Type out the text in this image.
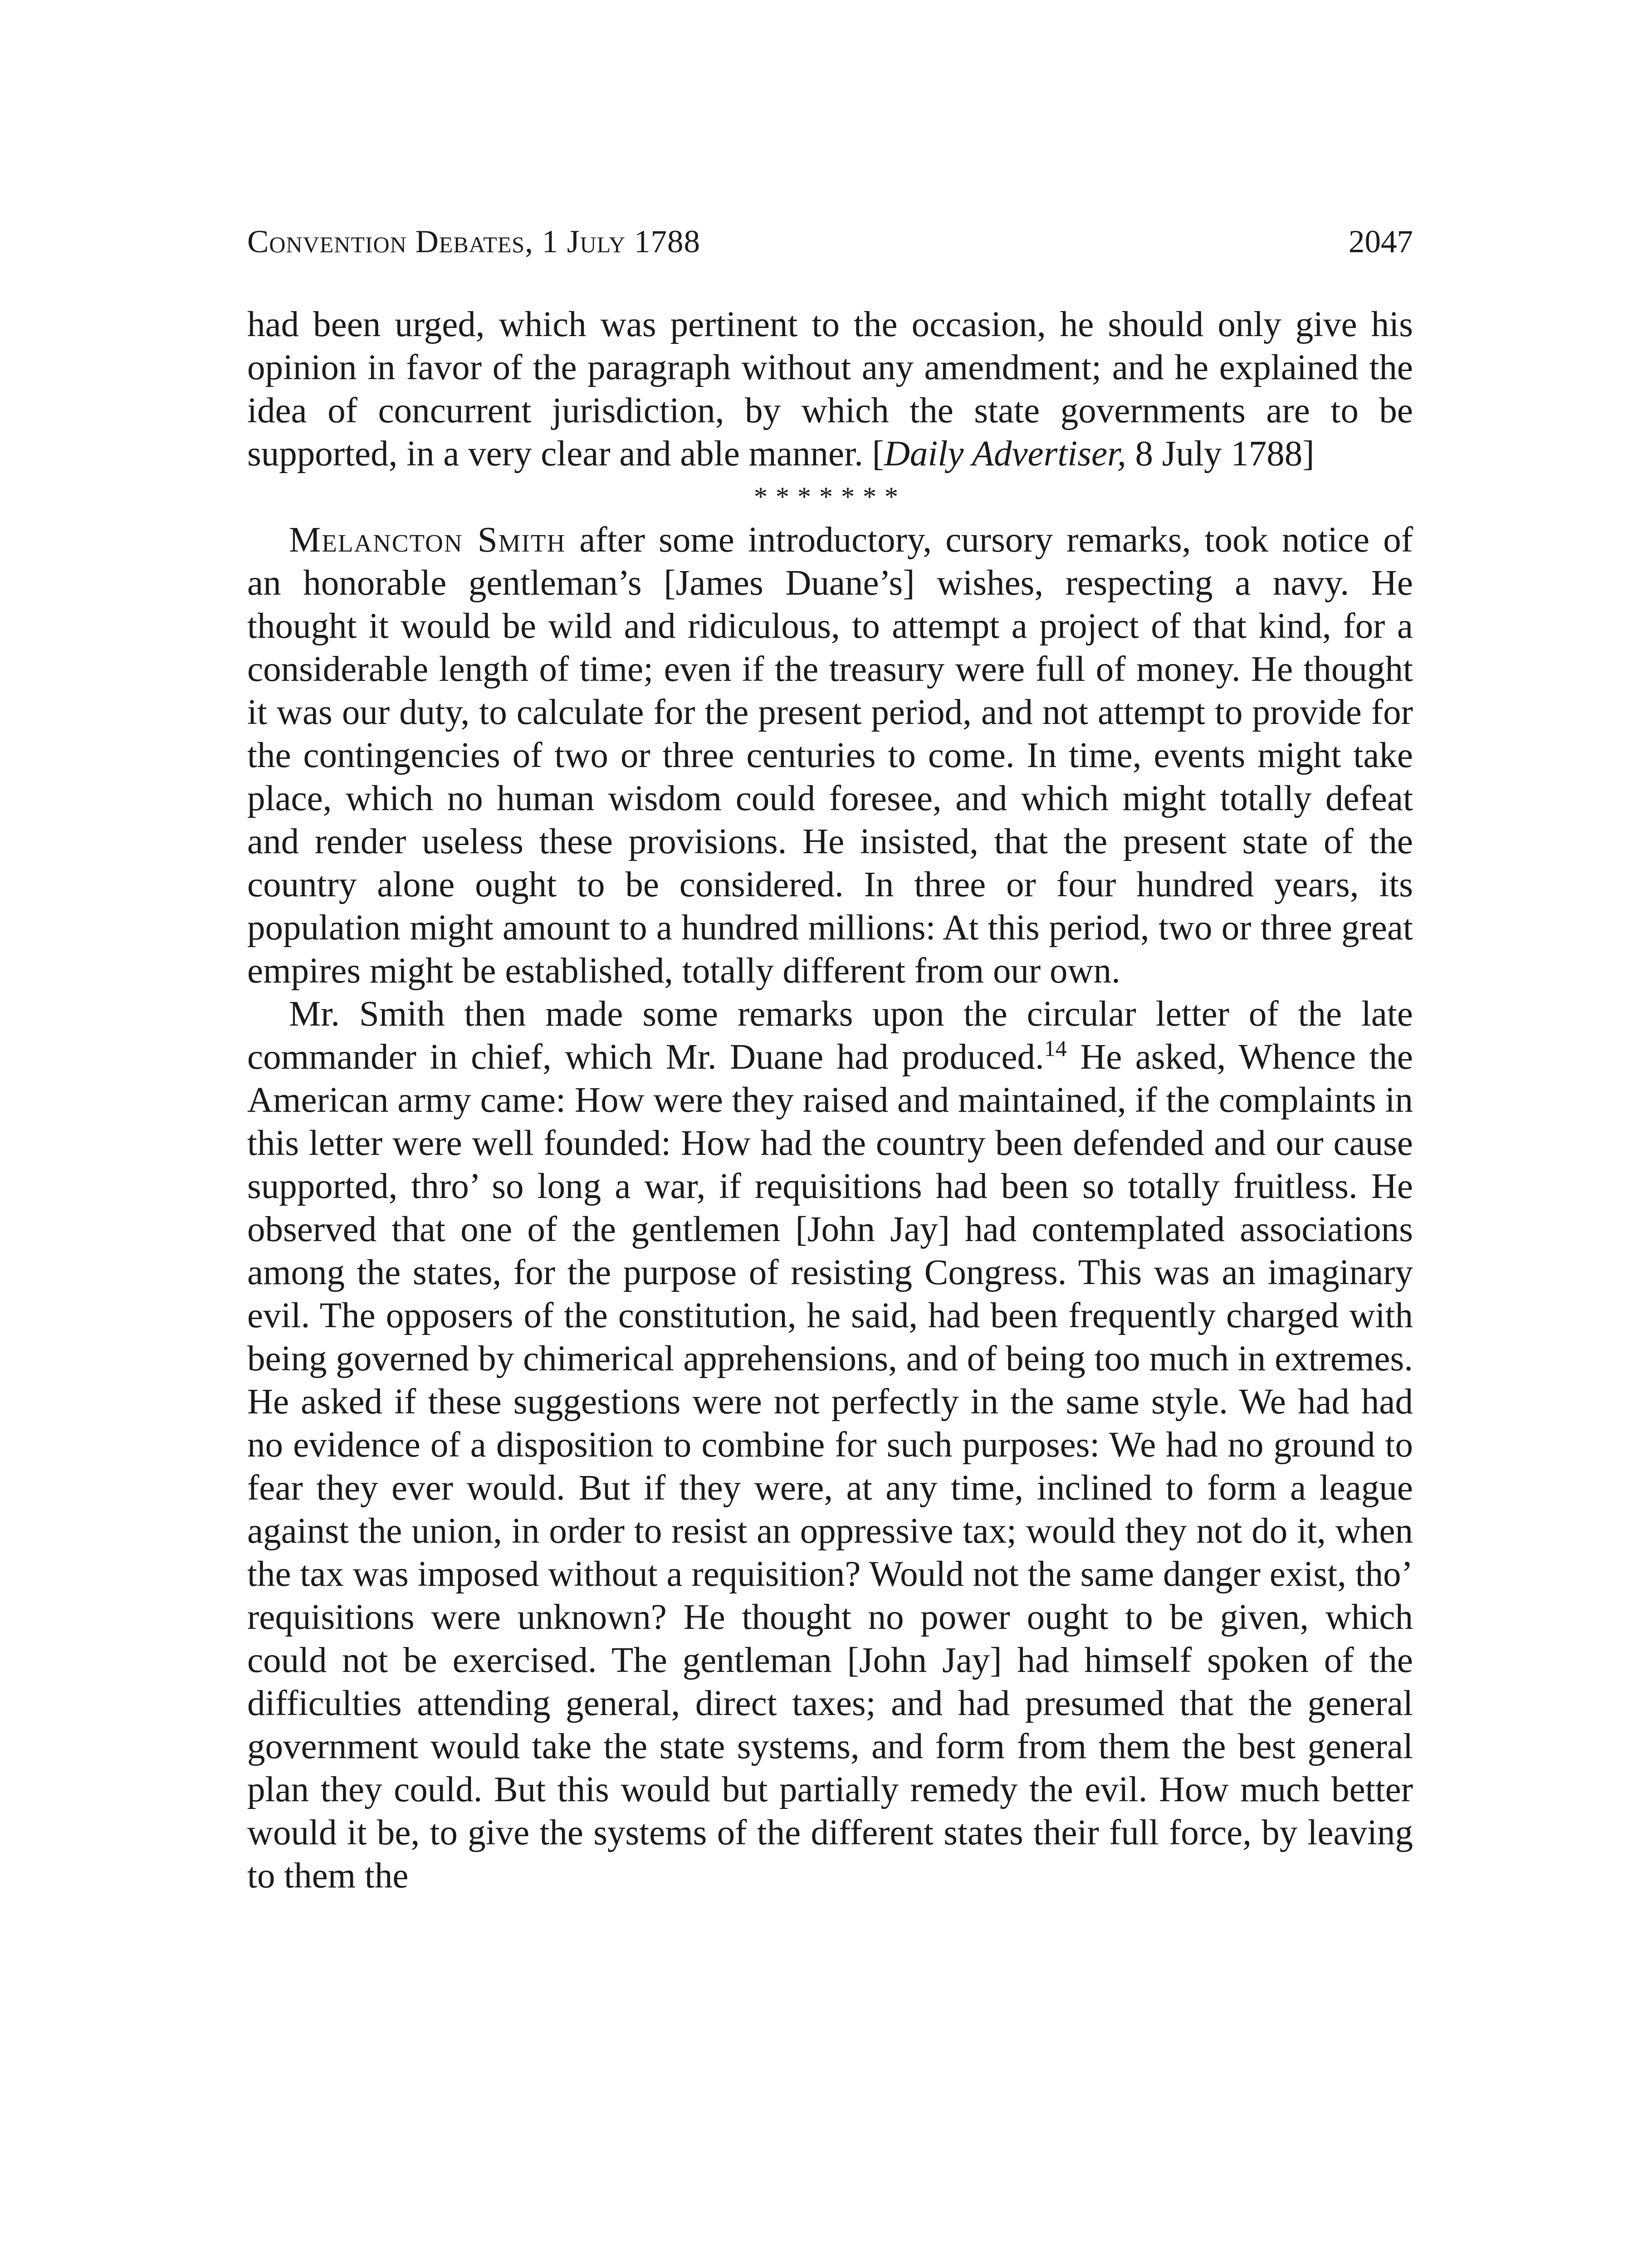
Convention Debates, 1 July 1788	2047

had been urged, which was pertinent to the occasion, he should only give his opinion in favor of the paragraph without any amendment; and he explained the idea of concurrent jurisdiction, by which the state governments are to be supported, in a very clear and able manner. [Daily Advertiser, 8 July 1788]

*******

Melancton Smith after some introductory, cursory remarks, took notice of an honorable gentleman’s [James Duane’s] wishes, respecting a navy. He thought it would be wild and ridiculous, to attempt a project of that kind, for a considerable length of time; even if the treasury were full of money. He thought it was our duty, to calculate for the present period, and not attempt to provide for the contingencies of two or three centuries to come. In time, events might take place, which no human wisdom could foresee, and which might totally defeat and render useless these provisions. He insisted, that the present state of the country alone ought to be considered. In three or four hundred years, its population might amount to a hundred millions: At this period, two or three great empires might be established, totally different from our own.

Mr. Smith then made some remarks upon the circular letter of the late commander in chief, which Mr. Duane had produced.$^{14}$ He asked, Whence the American army came: How were they raised and maintained, if the complaints in this letter were well founded: How had the country been defended and our cause supported, thro’ so long a war, if requisitions had been so totally fruitless. He observed that one of the gentlemen [John Jay] had contemplated associations among the states, for the purpose of resisting Congress. This was an imaginary evil. The opposers of the constitution, he said, had been frequently charged with being governed by chimerical apprehensions, and of being too much in extremes. He asked if these suggestions were not perfectly in the same style. We had had no evidence of a disposition to combine for such purposes: We had no ground to fear they ever would. But if they were, at any time, inclined to form a league against the union, in order to resist an oppressive tax; would they not do it, when the tax was imposed without a requisition? Would not the same danger exist, tho’ requisitions were unknown? He thought no power ought to be given, which could not be exercised. The gentleman [John Jay] had himself spoken of the difficulties attending general, direct taxes; and had presumed that the general government would take the state systems, and form from them the best general plan they could. But this would but partially remedy the evil. How much better would it be, to give the systems of the different states their full force, by leaving to them the
